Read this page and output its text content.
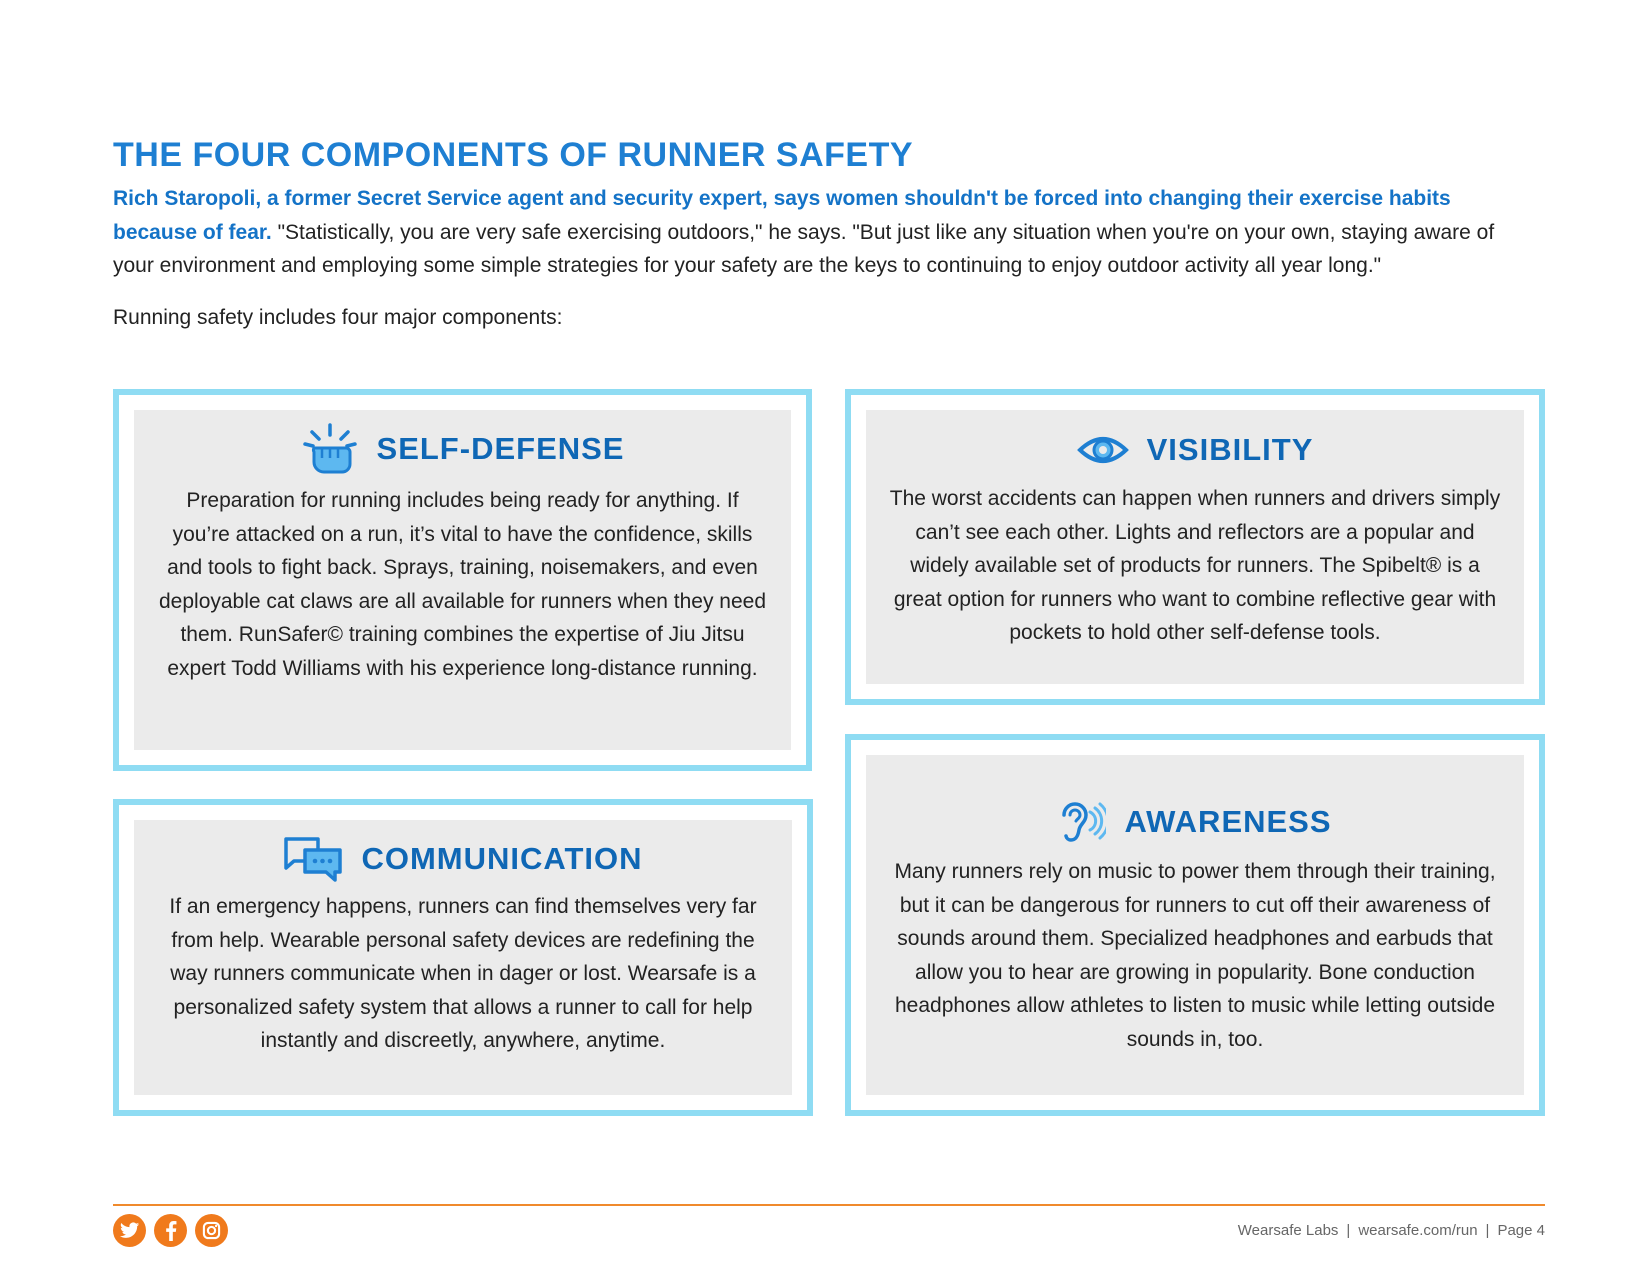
THE FOUR COMPONENTS OF RUNNER SAFETY

Rich Staropoli, a former Secret Service agent and security expert, says women shouldn't be forced into changing their exercise habits because of fear. "Statistically, you are very safe exercising outdoors," he says. "But just like any situation when you're on your own, staying aware of your environment and employing some simple strategies for your safety are the keys to continuing to enjoy outdoor activity all year long."

Running safety includes four major components:

SELF-DEFENSE

Preparation for running includes being ready for anything. If you’re attacked on a run, it’s vital to have the confidence, skills and tools to fight back. Sprays, training, noisemakers, and even deployable cat claws are all available for runners when they need them. RunSafer© training combines the expertise of Jiu Jitsu expert Todd Williams with his experience long-distance running.

VISIBILITY

The worst accidents can happen when runners and drivers simply can’t see each other. Lights and reflectors are a popular and widely available set of products for runners. The Spibelt® is a great option for runners who want to combine reflective gear with pockets to hold other self-defense tools.

COMMUNICATION

If an emergency happens, runners can find themselves very far from help. Wearable personal safety devices are redefining the way runners communicate when in dager or lost. Wearsafe is a personalized safety system that allows a runner to call for help instantly and discreetly, anywhere, anytime.

AWARENESS

Many runners rely on music to power them through their training, but it can be dangerous for runners to cut off their awareness of sounds around them. Specialized headphones and earbuds that allow you to hear are growing in popularity. Bone conduction headphones allow athletes to listen to music while letting outside sounds in, too.

Wearsafe Labs | wearsafe.com/run | Page 4
